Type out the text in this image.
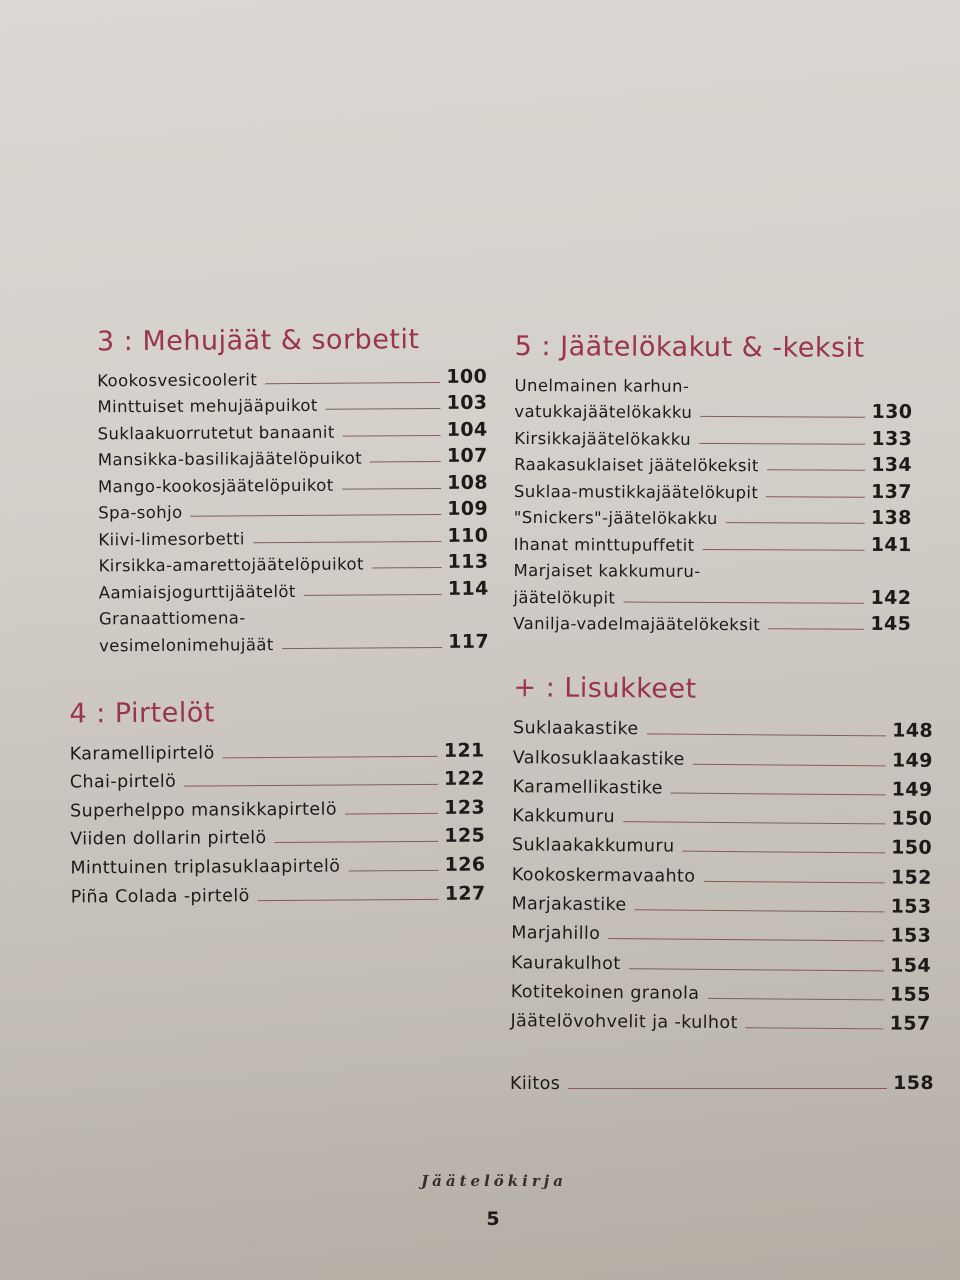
3 : Mehujäät & sorbetit
Kookosvesicoolerit	100
Minttuiset mehujääpuikot	103
Suklaakuorrutetut banaanit	104
Mansikka-basilikajäätelöpuikot	107
Mango-kookosjäätelöpuikot	108
Spa-sohjo	109
Kiivi-limesorbetti	110
Kirsikka-amarettojäätelöpuikot	113
Aamiaisjogurttijäätelöt	114
Granaattiomena-
vesimelonimehujäät	117
4 : Pirtelöt
Karamellipirtelö	121
Chai-pirtelö	122
Superhelppo mansikkapirtelö	123
Viiden dollarin pirtelö	125
Minttuinen triplasuklaapirtelö	126
Piña Colada -pirtelö	127
5 : Jäätelökakut & -keksit
Unelmainen karhun-
vatukkajäätelökakku	130
Kirsikkajäätelökakku	133
Raakasuklaiset jäätelökeksit	134
Suklaa-mustikkajäätelökupit	137
"Snickers"-jäätelökakku	138
Ihanat minttupuffetit	141
Marjaiset kakkumuru-
jäätelökupit	142
Vanilja-vadelmajäätelökeksit	145
+ : Lisukkeet
Suklaakastike	148
Valkosuklaakastike	149
Karamellikastike	149
Kakkumuru	150
Suklaakakkumuru	150
Kookoskermavaahto	152
Marjakastike	153
Marjahillo	153
Kaurakulhot	154
Kotitekoinen granola	155
Jäätelövohvelit ja -kulhot	157
Kiitos	158
Jäätelökirja
5
